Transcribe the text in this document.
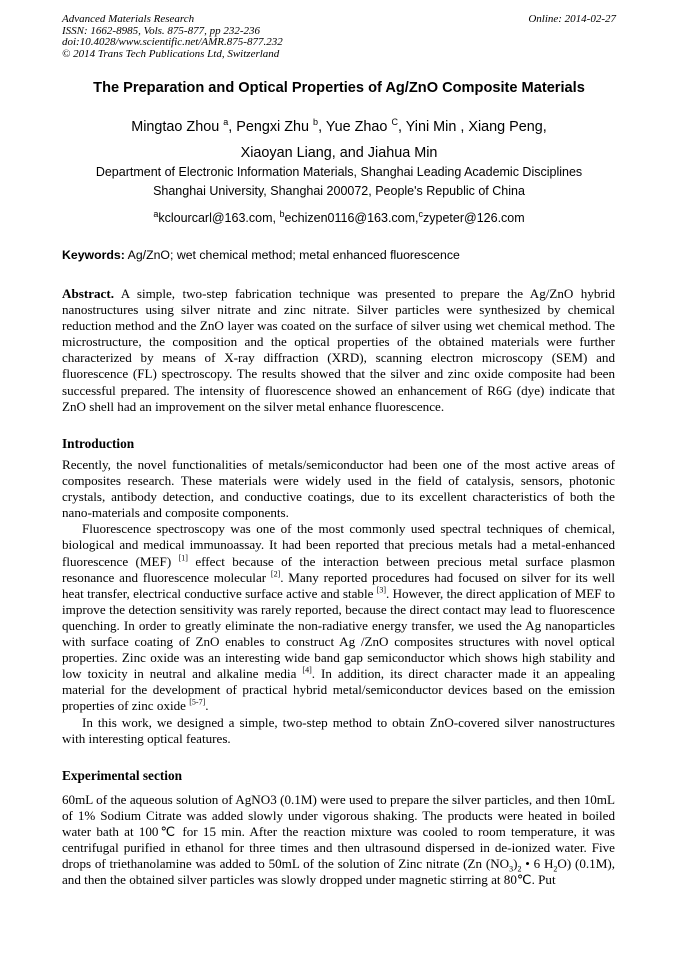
Advanced Materials Research
ISSN: 1662-8985, Vols. 875-877, pp 232-236
doi:10.4028/www.scientific.net/AMR.875-877.232
© 2014 Trans Tech Publications Ltd, Switzerland
Online: 2014-02-27
The Preparation and Optical Properties of Ag/ZnO Composite Materials
Mingtao Zhou $^a$, Pengxi Zhu $^b$, Yue Zhao $^C$, Yini Min , Xiang Peng,
Xiaoyan Liang, and Jiahua Min
Department of Electronic Information Materials, Shanghai Leading Academic Disciplines
Shanghai University, Shanghai 200072, People's Republic of China
$^a$kclourcarl@163.com, $^b$echizen0116@163.com,$^c$zypeter@126.com
Keywords: Ag/ZnO; wet chemical method; metal enhanced fluorescence

Abstract. A simple, two-step fabrication technique was presented to prepare the Ag/ZnO hybrid nanostructures using silver nitrate and zinc nitrate. Silver particles were synthesized by chemical reduction method and the ZnO layer was coated on the surface of silver using wet chemical method. The microstructure, the composition and the optical properties of the obtained materials were further characterized by means of X-ray diffraction (XRD), scanning electron microscopy (SEM) and fluorescence (FL) spectroscopy. The results showed that the silver and zinc oxide composite had been successful prepared. The intensity of fluorescence showed an enhancement of R6G (dye) indicate that ZnO shell had an improvement on the silver metal enhance fluorescence.

Introduction

Recently, the novel functionalities of metals/semiconductor had been one of the most active areas of composites research. These materials were widely used in the field of catalysis, sensors, photonic crystals, antibody detection, and conductive coatings, due to its excellent characteristics of both the nano-materials and composite components.

Fluorescence spectroscopy was one of the most commonly used spectral techniques of chemical, biological and medical immunoassay. It had been reported that precious metals had a metal-enhanced fluorescence (MEF) [1] effect because of the interaction between precious metal surface plasmon resonance and fluorescence molecular [2]. Many reported procedures had focused on silver for its well heat transfer, electrical conductive surface active and stable [3]. However, the direct application of MEF to improve the detection sensitivity was rarely reported, because the direct contact may lead to fluorescence quenching. In order to greatly eliminate the non-radiative energy transfer, we used the Ag nanoparticles with surface coating of ZnO enables to construct Ag /ZnO composites structures with novel optical properties. Zinc oxide was an interesting wide band gap semiconductor which shows high stability and low toxicity in neutral and alkaline media [4]. In addition, its direct character made it an appealing material for the development of practical hybrid metal/semiconductor devices based on the emission properties of zinc oxide [5-7].

In this work, we designed a simple, two-step method to obtain ZnO-covered silver nanostructures with interesting optical features.

Experimental section

60mL of the aqueous solution of AgNO3 (0.1M) were used to prepare the silver particles, and then 10mL of 1% Sodium Citrate was added slowly under vigorous shaking. The products were heated in boiled water bath at 100℃ for 15 min. After the reaction mixture was cooled to room temperature, it was centrifugal purified in ethanol for three times and then ultrasound dispersed in de-ionized water. Five drops of triethanolamine was added to 50mL of the solution of Zinc nitrate (Zn $(NO_3)_2$ • 6 $H_2O$) (0.1M), and then the obtained silver particles was slowly dropped under magnetic stirring at 80℃. Put
